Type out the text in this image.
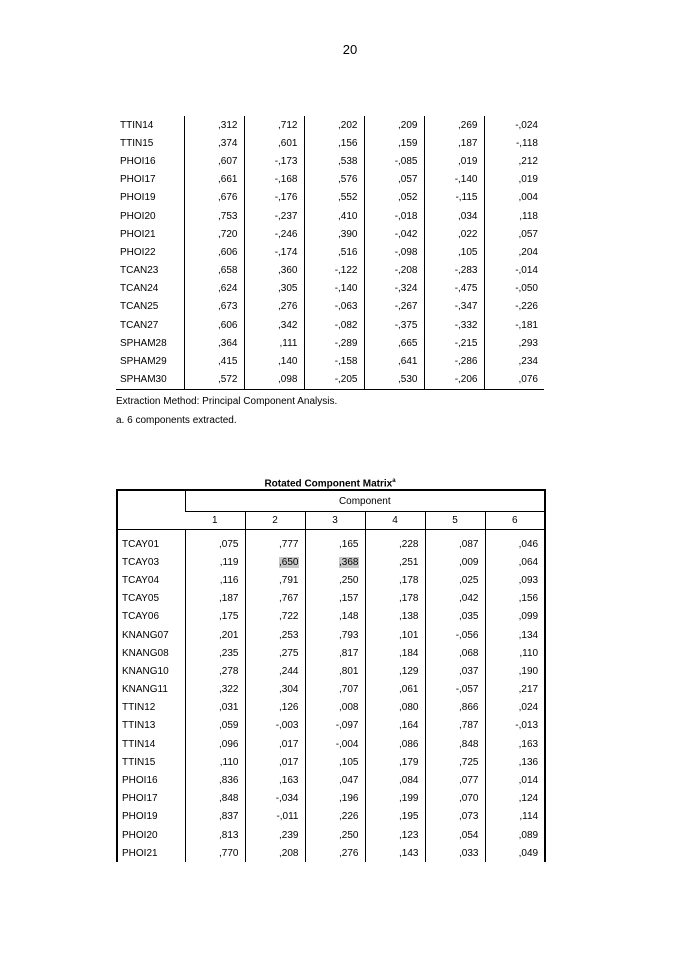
20
TTIN14	,312	,712	,202	,209	,269	-,024
TTIN15	,374	,601	,156	,159	,187	-,118
PHOI16	,607	-,173	,538	-,085	,019	,212
PHOI17	,661	-,168	,576	,057	-,140	,019
PHOI19	,676	-,176	,552	,052	-,115	,004
PHOI20	,753	-,237	,410	-,018	,034	,118
PHOI21	,720	-,246	,390	-,042	,022	,057
PHOI22	,606	-,174	,516	-,098	,105	,204
TCAN23	,658	,360	-,122	-,208	-,283	-,014
TCAN24	,624	,305	-,140	-,324	-,475	-,050
TCAN25	,673	,276	-,063	-,267	-,347	-,226
TCAN27	,606	,342	-,082	-,375	-,332	-,181
SPHAM28	,364	,111	-,289	,665	-,215	,293
SPHAM29	,415	,140	-,158	,641	-,286	,234
SPHAM30	,572	,098	-,205	,530	-,206	,076
Extraction Method: Principal Component Analysis.
a. 6 components extracted.
Rotated Component Matrix$^a$
	Component					
	1	2	3	4	5	6

TCAY01	,075	,777	,165	,228	,087	,046
TCAY03	,119	,650	,368	,251	,009	,064
TCAY04	,116	,791	,250	,178	,025	,093
TCAY05	,187	,767	,157	,178	,042	,156
TCAY06	,175	,722	,148	,138	,035	,099
KNANG07	,201	,253	,793	,101	-,056	,134
KNANG08	,235	,275	,817	,184	,068	,110
KNANG10	,278	,244	,801	,129	,037	,190
KNANG11	,322	,304	,707	,061	-,057	,217
TTIN12	,031	,126	,008	,080	,866	,024
TTIN13	,059	-,003	-,097	,164	,787	-,013
TTIN14	,096	,017	-,004	,086	,848	,163
TTIN15	,110	,017	,105	,179	,725	,136
PHOI16	,836	,163	,047	,084	,077	,014
PHOI17	,848	-,034	,196	,199	,070	,124
PHOI19	,837	-,011	,226	,195	,073	,114
PHOI20	,813	,239	,250	,123	,054	,089
PHOI21	,770	,208	,276	,143	,033	,049
